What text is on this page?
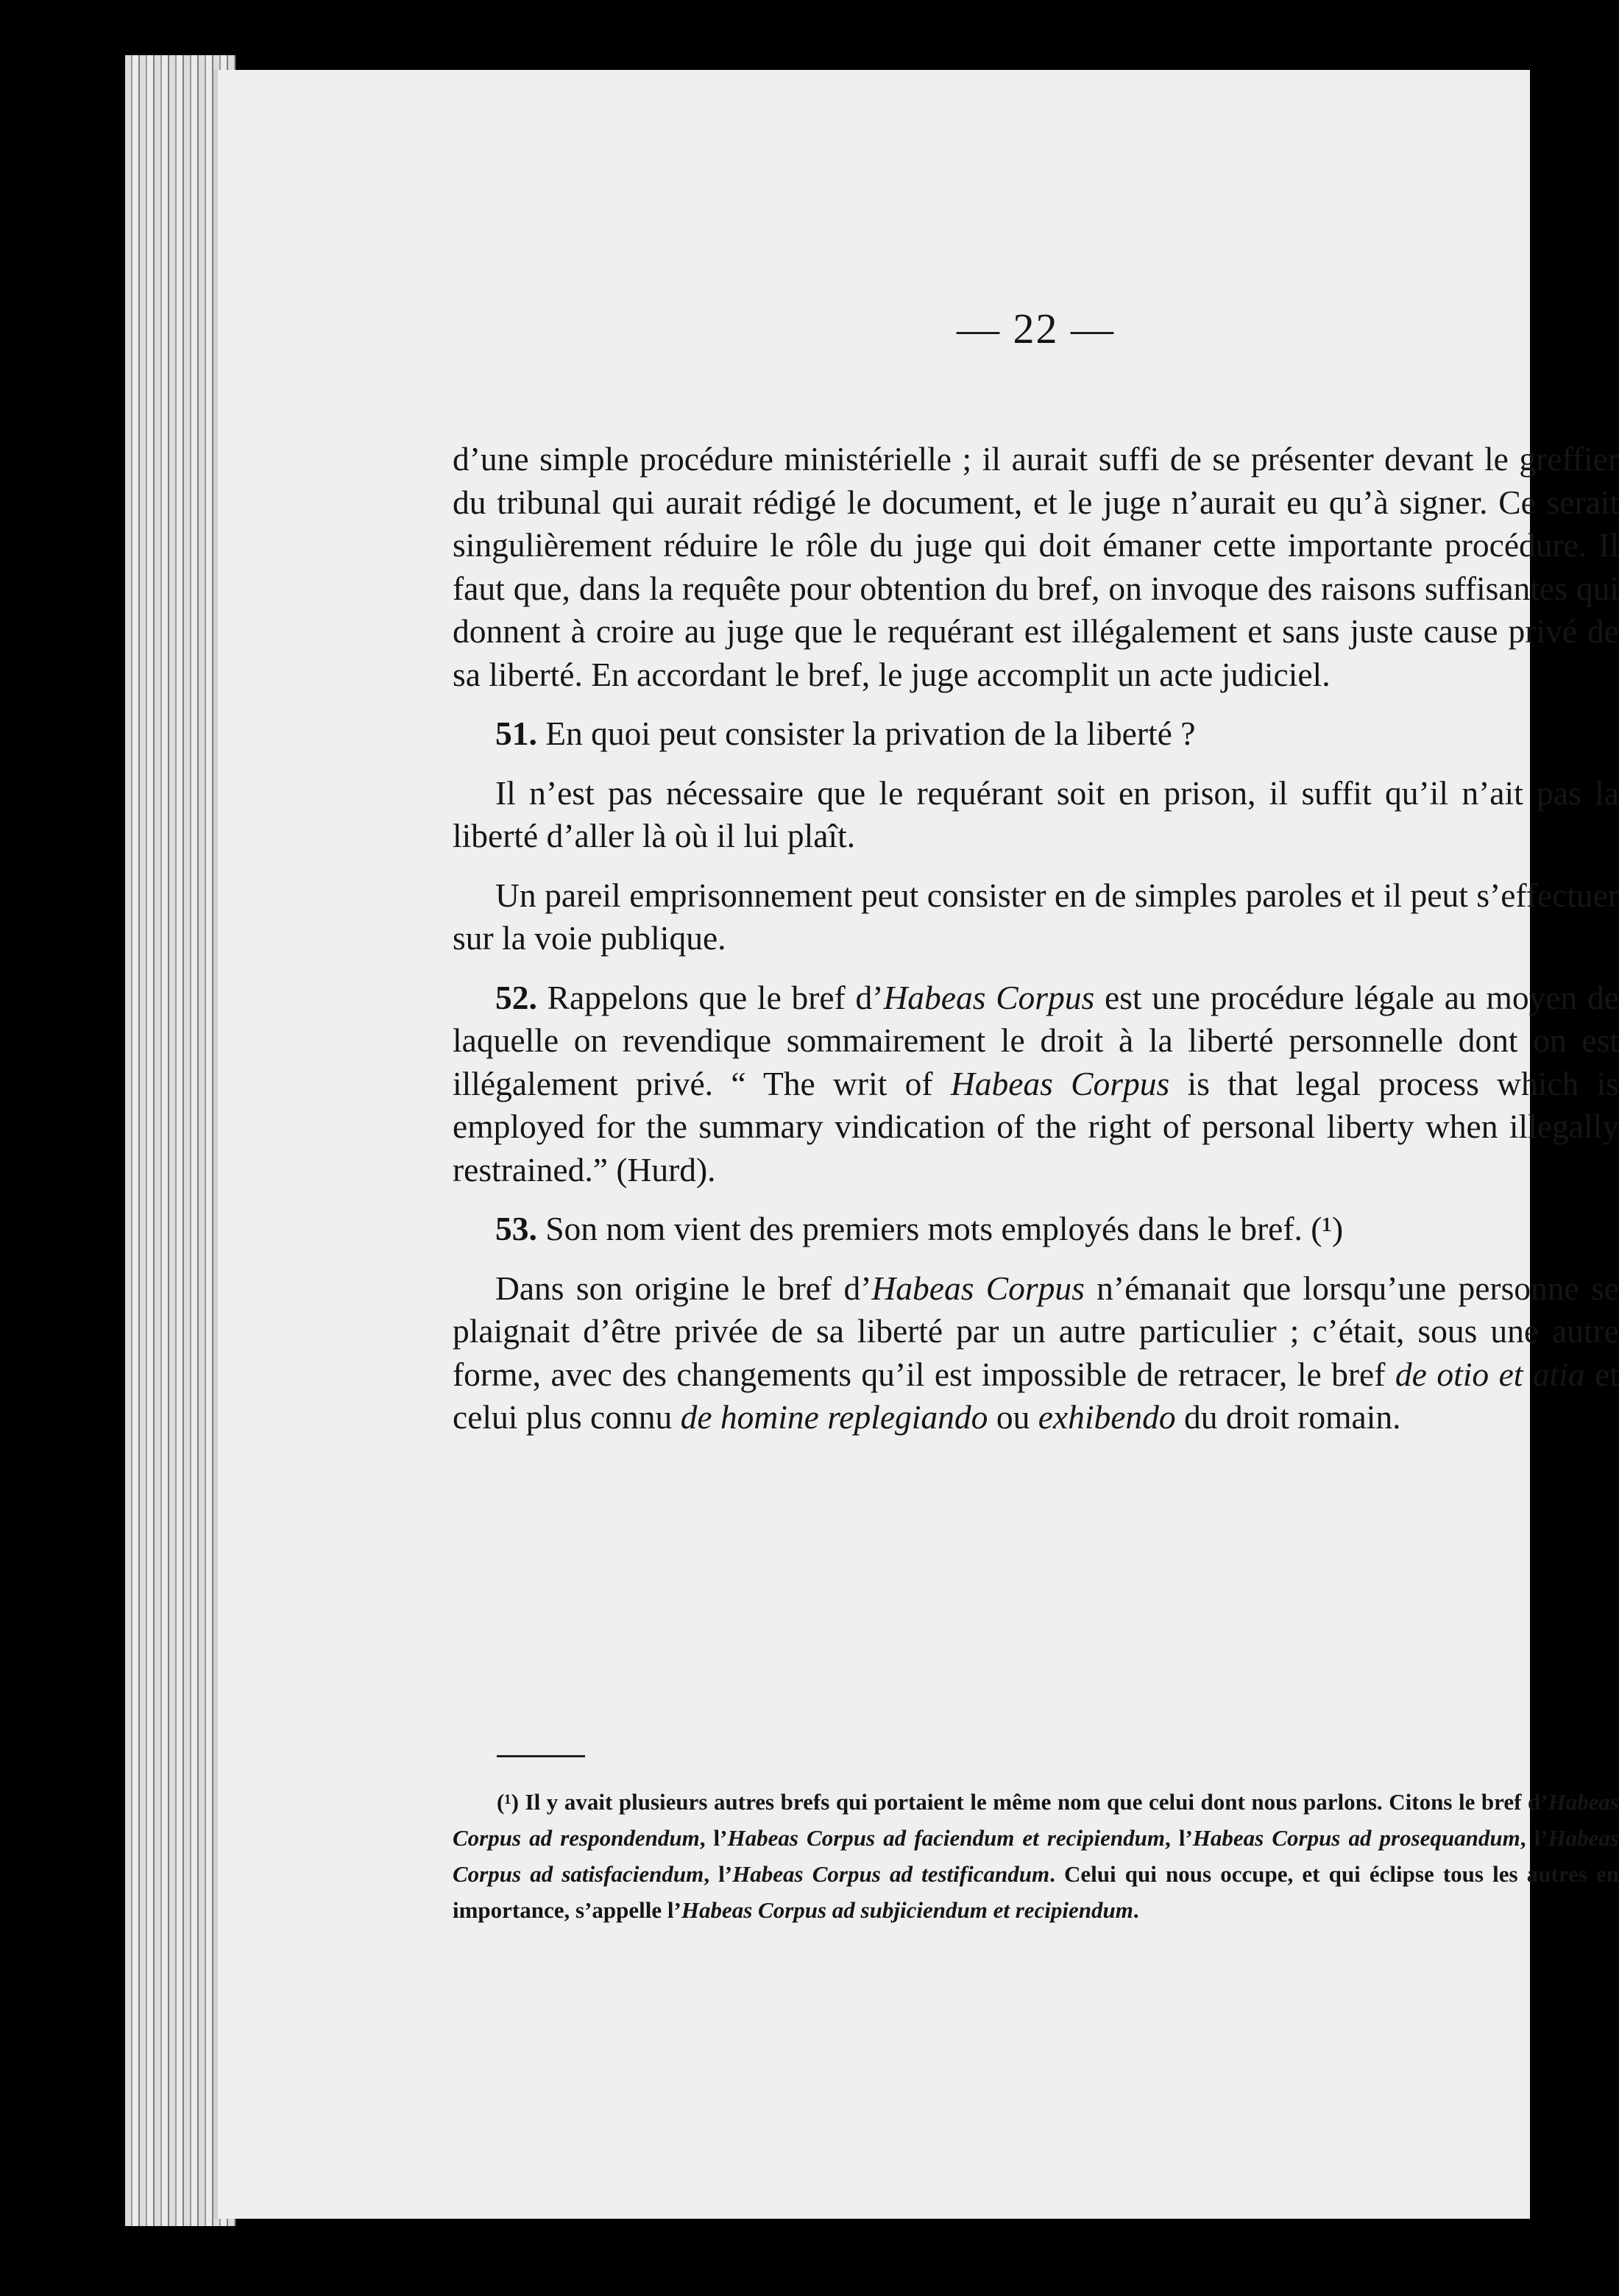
— 22 —

d’une simple procédure ministérielle ; il aurait suffi de se présenter devant le greffier du tribunal qui aurait rédigé le document, et le juge n’aurait eu qu’à signer. Ce serait singulièrement réduire le rôle du juge qui doit émaner cette importante procédure. Il faut que, dans la requête pour obtention du bref, on invoque des raisons suffisantes qui donnent à croire au juge que le requérant est illégalement et sans juste cause privé de sa liberté. En accordant le bref, le juge accomplit un acte judiciel.

51. En quoi peut consister la privation de la liberté ?

Il n’est pas nécessaire que le requérant soit en prison, il suffit qu’il n’ait pas la liberté d’aller là où il lui plaît.

Un pareil emprisonnement peut consister en de simples paroles et il peut s’effectuer sur la voie publique.

52. Rappelons que le bref d’Habeas Corpus est une procédure légale au moyen de laquelle on revendique sommairement le droit à la liberté personnelle dont on est illégalement privé. “ The writ of Habeas Corpus is that legal process which is employed for the summary vindication of the right of personal liberty when illegally restrained.” (Hurd).

53. Son nom vient des premiers mots employés dans le bref. (¹)

Dans son origine le bref d’Habeas Corpus n’émanait que lorsqu’une personne se plaignait d’être privée de sa liberté par un autre particulier ; c’était, sous une autre forme, avec des changements qu’il est impossible de retracer, le bref de otio et atia et celui plus connu de homine replegiando ou exhibendo du droit romain.

(¹) Il y avait plusieurs autres brefs qui portaient le même nom que celui dont nous parlons. Citons le bref d’Habeas Corpus ad respondendum, l’Habeas Corpus ad faciendum et recipiendum, l’Habeas Corpus ad prosequandum, l’Habeas Corpus ad satisfaciendum, l’Habeas Corpus ad testificandum. Celui qui nous occupe, et qui éclipse tous les autres en importance, s’appelle l’Habeas Corpus ad subjiciendum et recipiendum.
